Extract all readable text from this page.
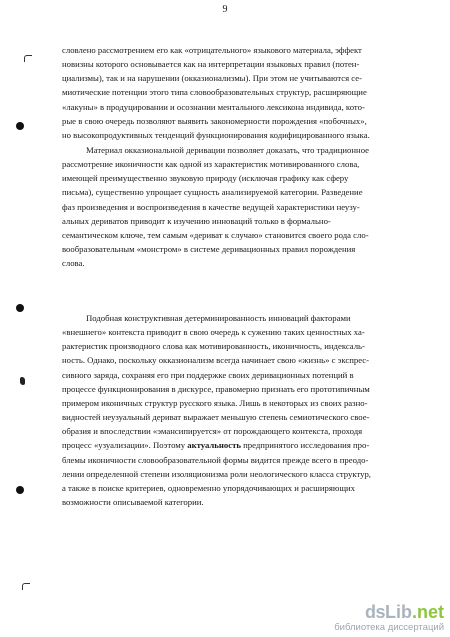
9

словлено рассмотрением его как «отрицательного» языкового материала, эффект

новизны которого основывается как на интерпретации языковых правил (потен-

циализмы), так и на нарушении (окказионализмы). При этом не учитываются се-

миотические потенции этого типа словообразовательных структур, расширяющие

«лакуны» в продуцировании и осознании ментального лексикона индивида, кото-

рые в свою очередь позволяют выявить закономерности порождения «побочных»,

но высокопродуктивных тенденций функционирования кодифицированного языка.

Материал окказиональной деривации позволяет доказать, что традиционное

рассмотрение иконичности как одной из характеристик мотивированного слова,

имеющей преимущественно звуковую природу (исключая графику как сферу

письма), существенно упрощает сущность анализируемой категории. Разведение

фаз произведения и воспроизведения в качестве ведущей характеристики неузу-

альных дериватов приводит к изучению инноваций только в формально-

семантическом ключе, тем самым «дериват к случаю» становится своего рода сло-

вообразовательным «монстром» в системе деривационных правил порождения

слова.

Подобная конструктивная детерминированность инноваций факторами

«внешнего» контекста приводит в свою очередь к сужению таких ценностных ха-

рактеристик производного слова как мотивированность, иконичность, индексаль-

ность. Однако, поскольку окказионализм всегда начинает свою «жизнь» с экспрес-

сивного заряда, сохраняя его при поддержке своих деривационных потенций в

процессе функционирования в дискурсе, правомерно признать его прототипичным

примером иконичных структур русского языка. Лишь в некоторых из своих разно-

видностей неузуальный дериват выражает меньшую степень семиотического свое-

образия и впоследствии «эмансипируется» от порождающего контекста, проходя

процесс «узуализации». Поэтому актуальность предпринятого исследования про-

блемы иконичности словообразовательной формы видится прежде всего в преодо-

лении определенной степени изоляционизма роли неологического класса структур,

а также в поиске критериев, одновременно упорядочивающих и расширяющих

возможности описываемой категории.

ds Lib . net
библиотека диссертаций
